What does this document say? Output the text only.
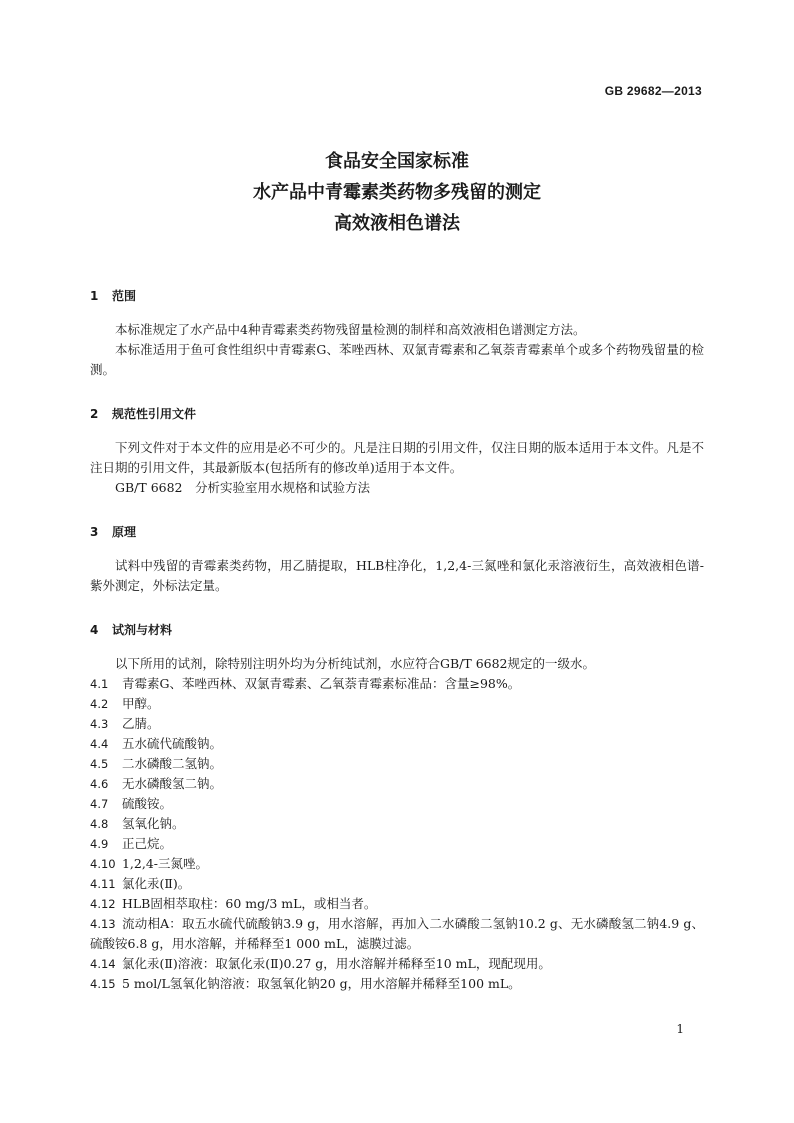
GB 29682—2013

食品安全国家标准

水产品中青霉素类药物多残留的测定

高效液相色谱法

1 范围

本标准规定了水产品中4种青霉素类药物残留量检测的制样和高效液相色谱测定方法。

本标准适用于鱼可食性组织中青霉素G、苯唑西林、双氯青霉素和乙氧萘青霉素单个或多个药物残留量的检测。

2 规范性引用文件

下列文件对于本文件的应用是必不可少的。凡是注日期的引用文件，仅注日期的版本适用于本文件。凡是不注日期的引用文件，其最新版本(包括所有的修改单)适用于本文件。

GB/T 6682　分析实验室用水规格和试验方法

3 原理

试料中残留的青霉素类药物，用乙腈提取，HLB柱净化，1,2,4-三氮唑和氯化汞溶液衍生，高效液相色谱-紫外测定，外标法定量。

4 试剂与材料

以下所用的试剂，除特别注明外均为分析纯试剂，水应符合GB/T 6682规定的一级水。

4.1 青霉素G、苯唑西林、双氯青霉素、乙氧萘青霉素标准品：含量≥98%。

4.2 甲醇。

4.3 乙腈。

4.4 五水硫代硫酸钠。

4.5 二水磷酸二氢钠。

4.6 无水磷酸氢二钠。

4.7 硫酸铵。

4.8 氢氧化钠。

4.9 正己烷。

4.10 1,2,4-三氮唑。

4.11 氯化汞(Ⅱ)。

4.12 HLB固相萃取柱：60 mg/3 mL，或相当者。

4.13 流动相A：取五水硫代硫酸钠3.9 g，用水溶解，再加入二水磷酸二氢钠10.2 g、无水磷酸氢二钠4.9 g、硫酸铵6.8 g，用水溶解，并稀释至1 000 mL，滤膜过滤。

4.14 氯化汞(Ⅱ)溶液：取氯化汞(Ⅱ)0.27 g，用水溶解并稀释至10 mL，现配现用。

4.15 5 mol/L氢氧化钠溶液：取氢氧化钠20 g，用水溶解并稀释至100 mL。

1
